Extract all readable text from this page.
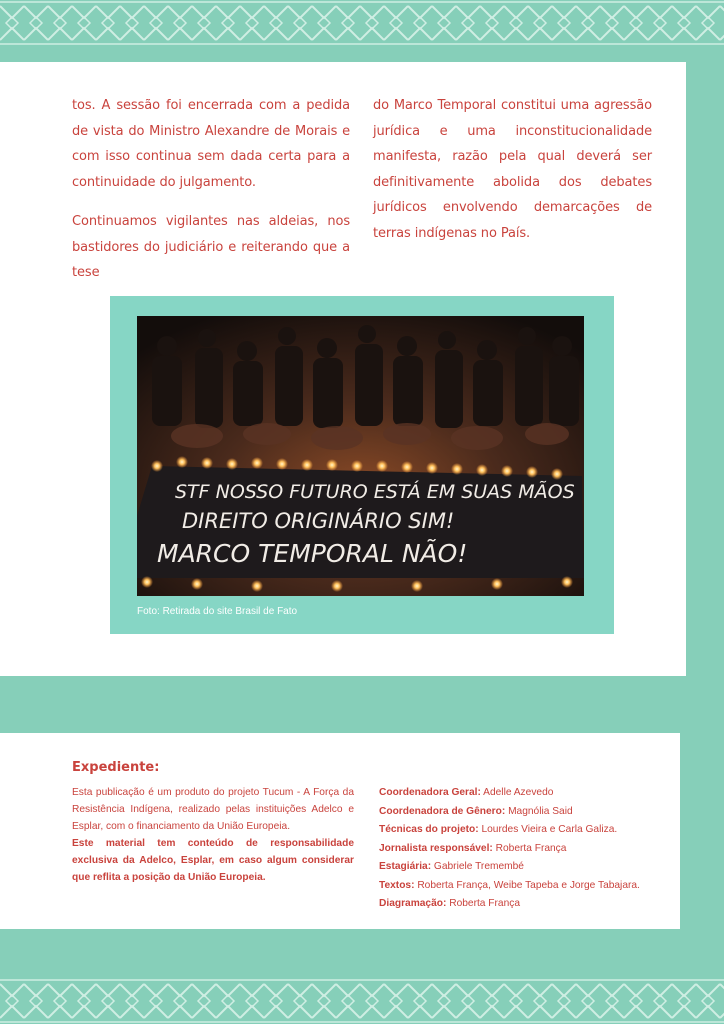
tos. A sessão foi encerrada com a pedida de vista do Ministro Alexandre de Morais e com isso continua sem dada certa para a continuidade do julgamento.

Continuamos vigilantes nas aldeias, nos bastidores do judiciário e reiterando que a tese

do Marco Temporal constitui uma agressão jurídica e uma inconstitucionalidade manifesta, razão pela qual deverá ser definitivamente abolida dos debates jurídicos envolvendo demarcações de terras indígenas no País.

STF NOSSO FUTURO ESTÁ EM SUAS MÃOS
DIREITO ORIGINÁRIO SIM!
MARCO TEMPORAL NÃO!
Foto: Retirada do site Brasil de Fato
Expediente:

Esta publicação é um produto do projeto Tucum - A Força da Resistência Indígena, realizado pelas instituições Adelco e Esplar, com o financiamento da União Europeia.

Este material tem conteúdo de responsabilidade exclusiva da Adelco, Esplar, em caso algum considerar que reflita a posição da União Europeia.

Coordenadora Geral: Adelle Azevedo
Coordenadora de Gênero: Magnólia Said
Técnicas do projeto: Lourdes Vieira e Carla Galiza.
Jornalista responsável: Roberta França
Estagiária: Gabriele Tremembé
Textos: Roberta França, Weibe Tapeba e Jorge Tabajara.
Diagramação: Roberta França
